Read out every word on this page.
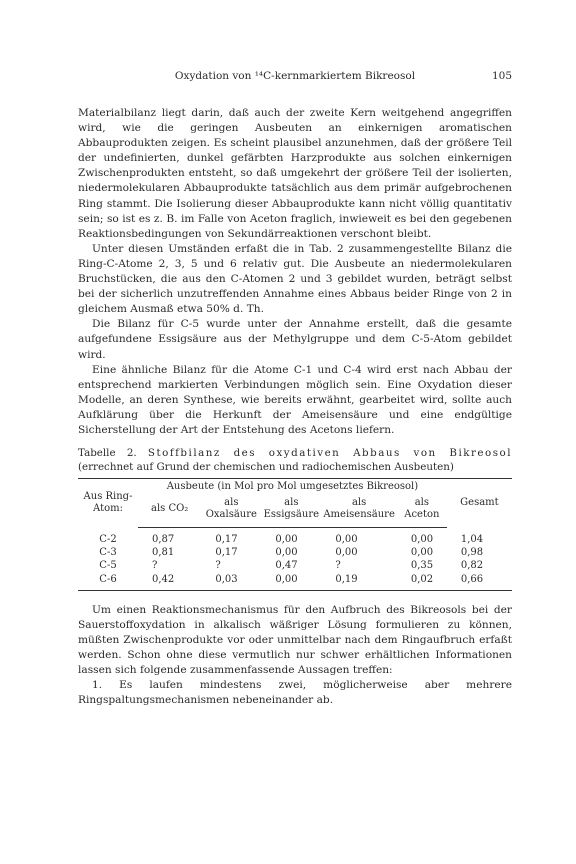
Oxydation von ¹⁴C-kernmarkiertem Bikreosol	105

Materialbilanz liegt darin, daß auch der zweite Kern weitgehend angegriffen wird, wie die geringen Ausbeuten an einkernigen aromatischen Abbauprodukten zeigen. Es scheint plausibel anzunehmen, daß der größere Teil der undefinierten, dunkel gefärbten Harzprodukte aus solchen einkernigen Zwischenprodukten entsteht, so daß umgekehrt der größere Teil der isolierten, niedermolekularen Abbauprodukte tatsächlich aus dem primär aufgebrochenen Ring stammt. Die Isolierung dieser Abbauprodukte kann nicht völlig quantitativ sein; so ist es z. B. im Falle von Aceton fraglich, inwieweit es bei den gegebenen Reaktionsbedingungen von Sekundärreaktionen verschont bleibt.

Unter diesen Umständen erfaßt die in Tab. 2 zusammengestellte Bilanz die Ring-C-Atome 2, 3, 5 und 6 relativ gut. Die Ausbeute an niedermolekularen Bruchstücken, die aus den C-Atomen 2 und 3 gebildet wurden, beträgt selbst bei der sicherlich unzutreffenden Annahme eines Abbaus beider Ringe von 2 in gleichem Ausmaß etwa 50% d. Th.

Die Bilanz für C-5 wurde unter der Annahme erstellt, daß die gesamte aufgefundene Essigsäure aus der Methylgruppe und dem C-5-Atom gebildet wird.

Eine ähnliche Bilanz für die Atome C-1 und C-4 wird erst nach Abbau der entsprechend markierten Verbindungen möglich sein. Eine Oxydation dieser Modelle, an deren Synthese, wie bereits erwähnt, gearbeitet wird, sollte auch Aufklärung über die Herkunft der Ameisensäure und eine endgültige Sicherstellung der Art der Entstehung des Acetons liefern.

Tabelle 2. Stoffbilanz des oxydativen Abbaus von Bikreosol (errechnet auf Grund der chemischen und radiochemischen Ausbeuten)
Aus Ring-Atom:	Ausbeute (in Mol pro Mol umgesetztes Bikreosol)					Gesamt
	als CO₂	als Oxalsäure	als Essigsäure	als Ameisensäure	als Aceton	
C-2	0,87	0,17	0,00	0,00	0,00	1,04
C-3	0,81	0,17	0,00	0,00	0,00	0,98
C-5	?	?	0,47	?	0,35	0,82
C-6	0,42	0,03	0,00	0,19	0,02	0,66

Um einen Reaktionsmechanismus für den Aufbruch des Bikreosols bei der Sauerstoffoxydation in alkalisch wäßriger Lösung formulieren zu können, müßten Zwischenprodukte vor oder unmittelbar nach dem Ringaufbruch erfaßt werden. Schon ohne diese vermutlich nur schwer erhältlichen Informationen lassen sich folgende zusammenfassende Aussagen treffen:

1. Es laufen mindestens zwei, möglicherweise aber mehrere Ringspaltungsmechanismen nebeneinander ab.
